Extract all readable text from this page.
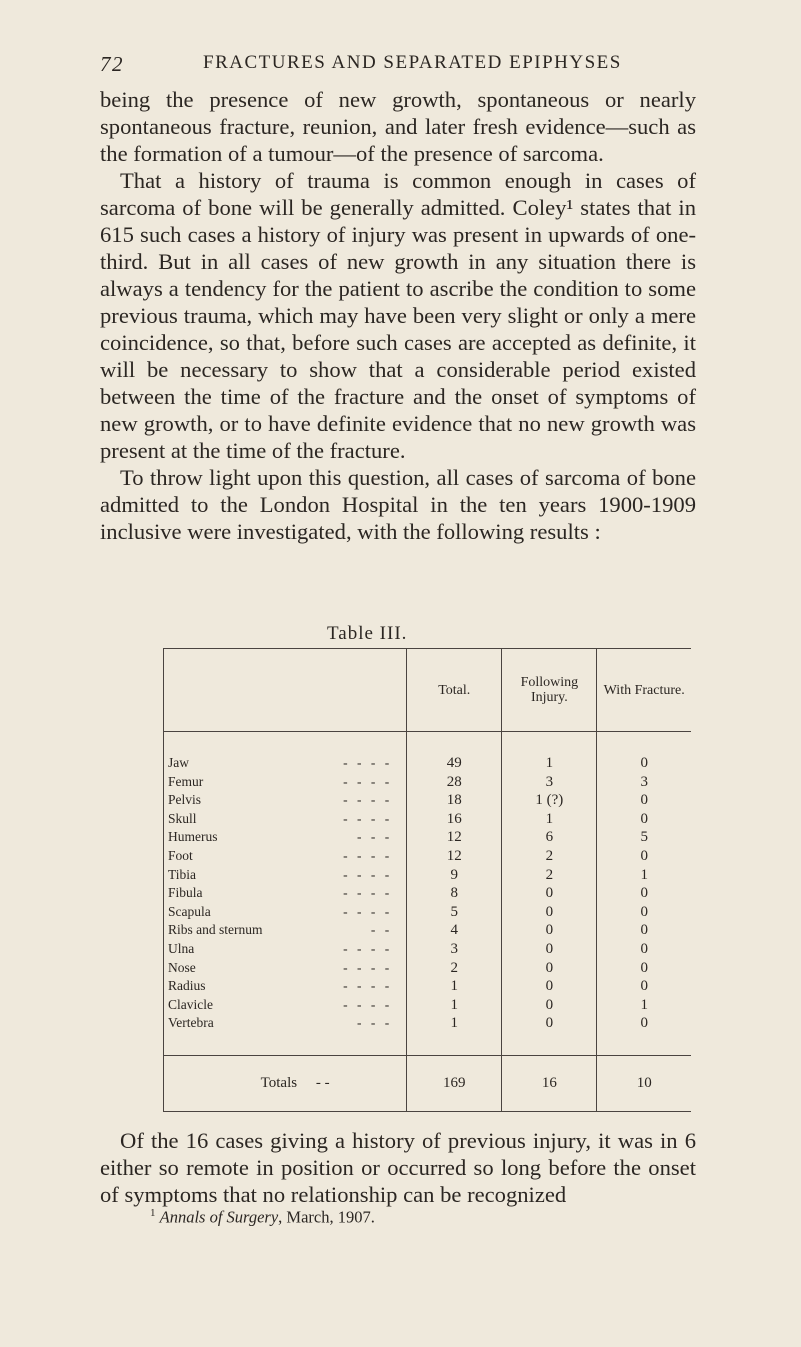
72	FRACTURES AND SEPARATED EPIPHYSES

being the presence of new growth, spontaneous or nearly spontaneous fracture, reunion, and later fresh evidence—such as the formation of a tumour—of the presence of sarcoma.

That a history of trauma is common enough in cases of sarcoma of bone will be generally admitted. Coley¹ states that in 615 such cases a history of injury was present in upwards of one-third. But in all cases of new growth in any situation there is always a tendency for the patient to ascribe the condition to some previous trauma, which may have been very slight or only a mere coincidence, so that, before such cases are accepted as definite, it will be necessary to show that a considerable period existed between the time of the fracture and the onset of symptoms of new growth, or to have definite evidence that no new growth was present at the time of the fracture.

To throw light upon this question, all cases of sarcoma of bone admitted to the London Hospital in the ten years 1900-1909 inclusive were investigated, with the following results :

Table III.
	Total.	Following Injury.	With Fracture.
Jaw - - - -	49	1	0
Femur - - - -	28	3	3
Pelvis - - - -	18	1 (?)	0
Skull - - - -	16	1	0
Humerus - - -	12	6	5
Foot - - - -	12	2	0
Tibia - - - -	9	2	1
Fibula - - - -	8	0	0
Scapula - - - -	5	0	0
Ribs and sternum - -	4	0	0
Ulna - - - -	3	0	0
Nose - - - -	2	0	0
Radius - - - -	1	0	0
Clavicle - - - -	1	0	1
Vertebra - - -	1	0	0
Totals - -	169	16	10

Of the 16 cases giving a history of previous injury, it was in 6 either so remote in position or occurred so long before the onset of symptoms that no relationship can be recognized

$^1$ Annals of Surgery, March, 1907.
